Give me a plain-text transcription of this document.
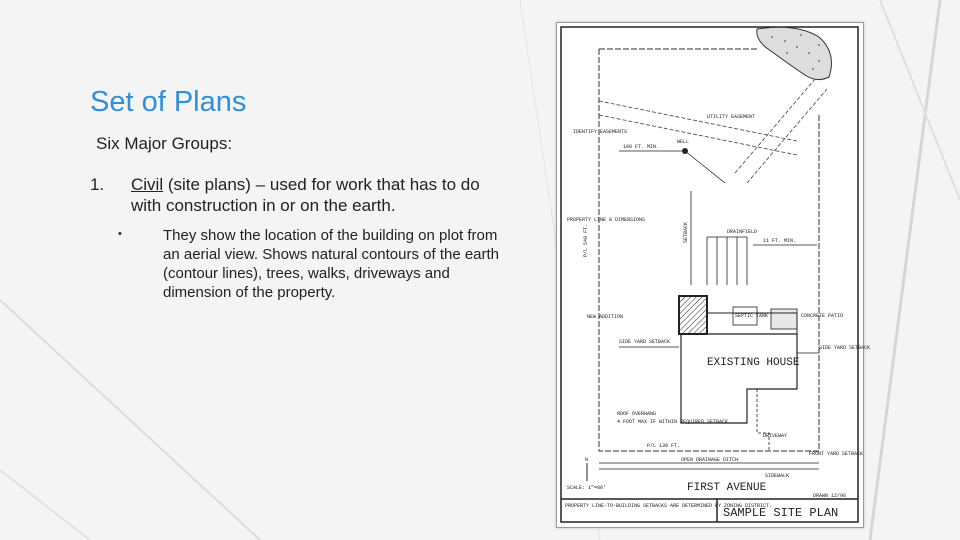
Set of Plans
Six Major Groups:
1. Civil (site plans) – used for work that has to do with construction in or on the earth.
•	They show the location of the building on plot from an aerial view. Shows natural contours of the earth (contour lines), trees, walks, driveways and dimension of the property.
UTILITY EASEMENT
IDENTIFY EASEMENTS
100 FT. MIN.
WELL
PROPERTY LINE & DIMENSIONS
P/L 540 FT.	DRAINFIELD
11 FT. MIN.
SETBACK
SEPTIC TANK	CONCRETE PATIO
NEW ADDITION
SIDE YARD SETBACK
SIDE YARD SETBACK
EXISTING HOUSE
ROOF OVERHANG
4 FOOT MAX IF WITHIN REQUIRED SETBACK
DRIVEWAY
P/L 130 FT.
FRONT YARD SETBACK
OPEN DRAINAGE DITCH
SIDEWALK
N
SCALE: 1"=80'	FIRST AVENUE
DRAWN 12/96
PROPERTY LINE-TO-BUILDING SETBACKS ARE DETERMINED BY ZONING DISTRICT.
SAMPLE SITE PLAN
